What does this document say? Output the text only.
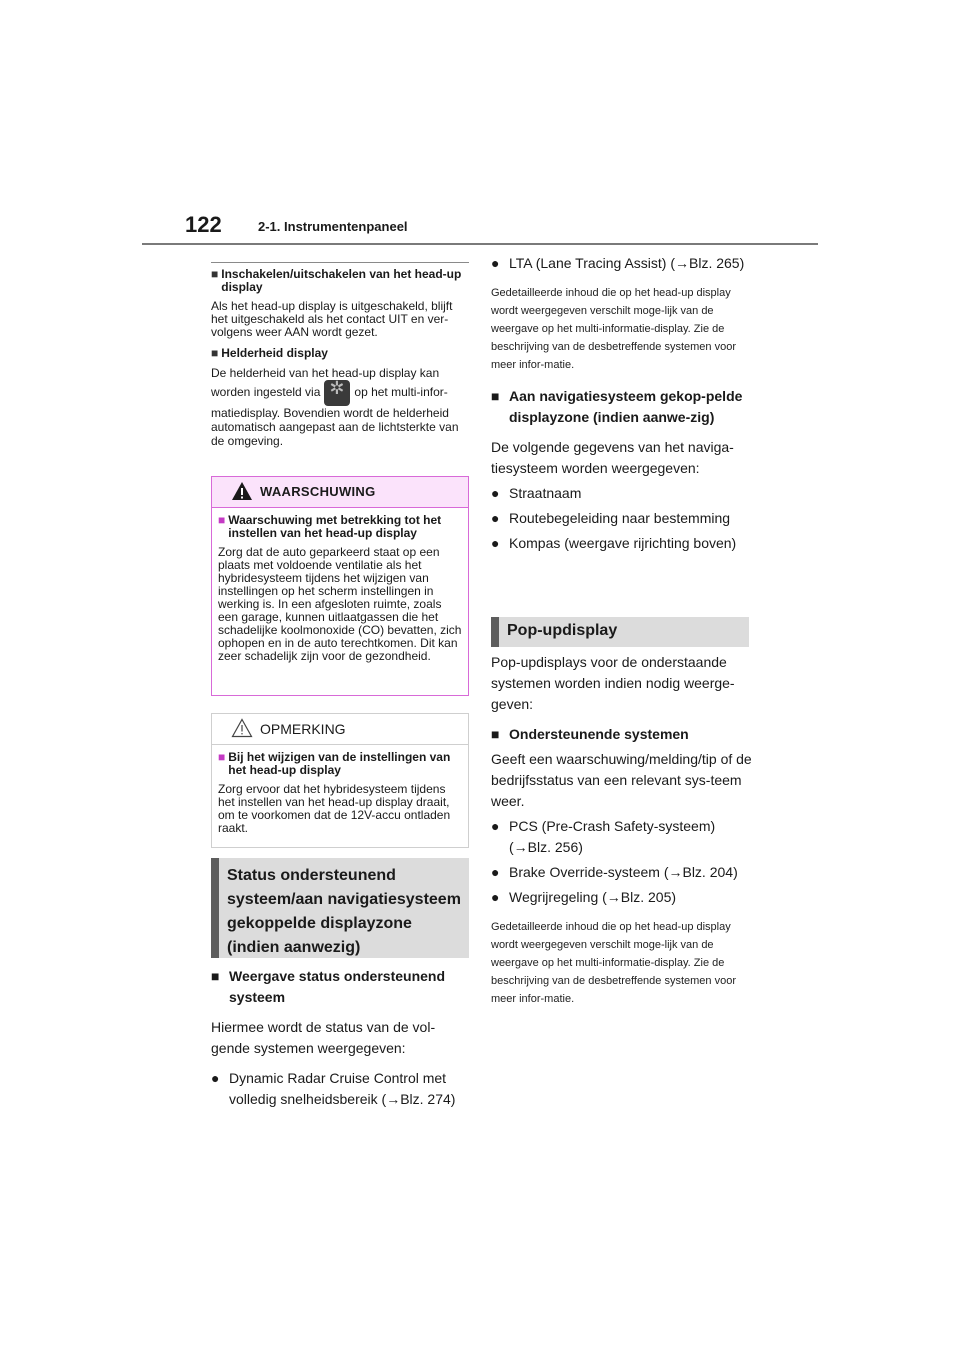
122	2-1. Instrumentenpaneel
■ Inschakelen/uitschakelen van het head-up display
Als het head-up display is uitgeschakeld, blijft het uitgeschakeld als het contact UIT en ver-volgens weer AAN wordt gezet.
■ Helderheid display
De helderheid van het head-up display kan worden ingesteld via✲	op het multi-infor-matiedisplay. Bovendien wordt de helderheid automatisch aangepast aan de lichtsterkte van de omgeving.
WAARSCHUWING
■ Waarschuwing met betrekking tot het instellen van het head-up display
Zorg dat de auto geparkeerd staat op een plaats met voldoende ventilatie als het hybridesysteem tijdens het wijzigen van instellingen op het scherm instellingen in werking is. In een afgesloten ruimte, zoals een garage, kunnen uitlaatgassen die het schadelijke koolmonoxide (CO) bevatten, zich ophopen en in de auto terechtkomen. Dit kan zeer schadelijk zijn voor de gezondheid.
OPMERKING
■ Bij het wijzigen van de instellingen van het head-up display
Zorg ervoor dat het hybridesysteem tijdens het instellen van het head-up display draait, om te voorkomen dat de 12V-accu ontladen raakt.
Status ondersteunend systeem/aan navigatiesysteem gekoppelde displayzone (indien aanwezig)
■ Weergave status ondersteunend systeem
Hiermee wordt de status van de vol-gende systemen weergegeven:
● Dynamic Radar Cruise Control met volledig snelheidsbereik (→Blz. 274)
● LTA (Lane Tracing Assist) (→Blz. 265)
Gedetailleerde inhoud die op het head-up display wordt weergegeven verschilt moge-lijk van de weergave op het multi-informatie-display. Zie de beschrijving van de desbetreffende systemen voor meer infor-matie.
■ Aan navigatiesysteem gekop-pelde displayzone (indien aanwe-zig)
De volgende gegevens van het naviga-tiesysteem worden weergegeven:
● Straatnaam
● Routebegeleiding naar bestemming
● Kompas (weergave rijrichting boven)
Pop-updisplay
Pop-updisplays voor de onderstaande systemen worden indien nodig weerge-geven:
■ Ondersteunende systemen
Geeft een waarschuwing/melding/tip of de bedrijfsstatus van een relevant sys-teem weer.
● PCS (Pre-Crash Safety-systeem) (→Blz. 256)
● Brake Override-systeem (→Blz. 204)
● Wegrijregeling (→Blz. 205)
Gedetailleerde inhoud die op het head-up display wordt weergegeven verschilt moge-lijk van de weergave op het multi-informatie-display. Zie de beschrijving van de desbetreffende systemen voor meer infor-matie.
